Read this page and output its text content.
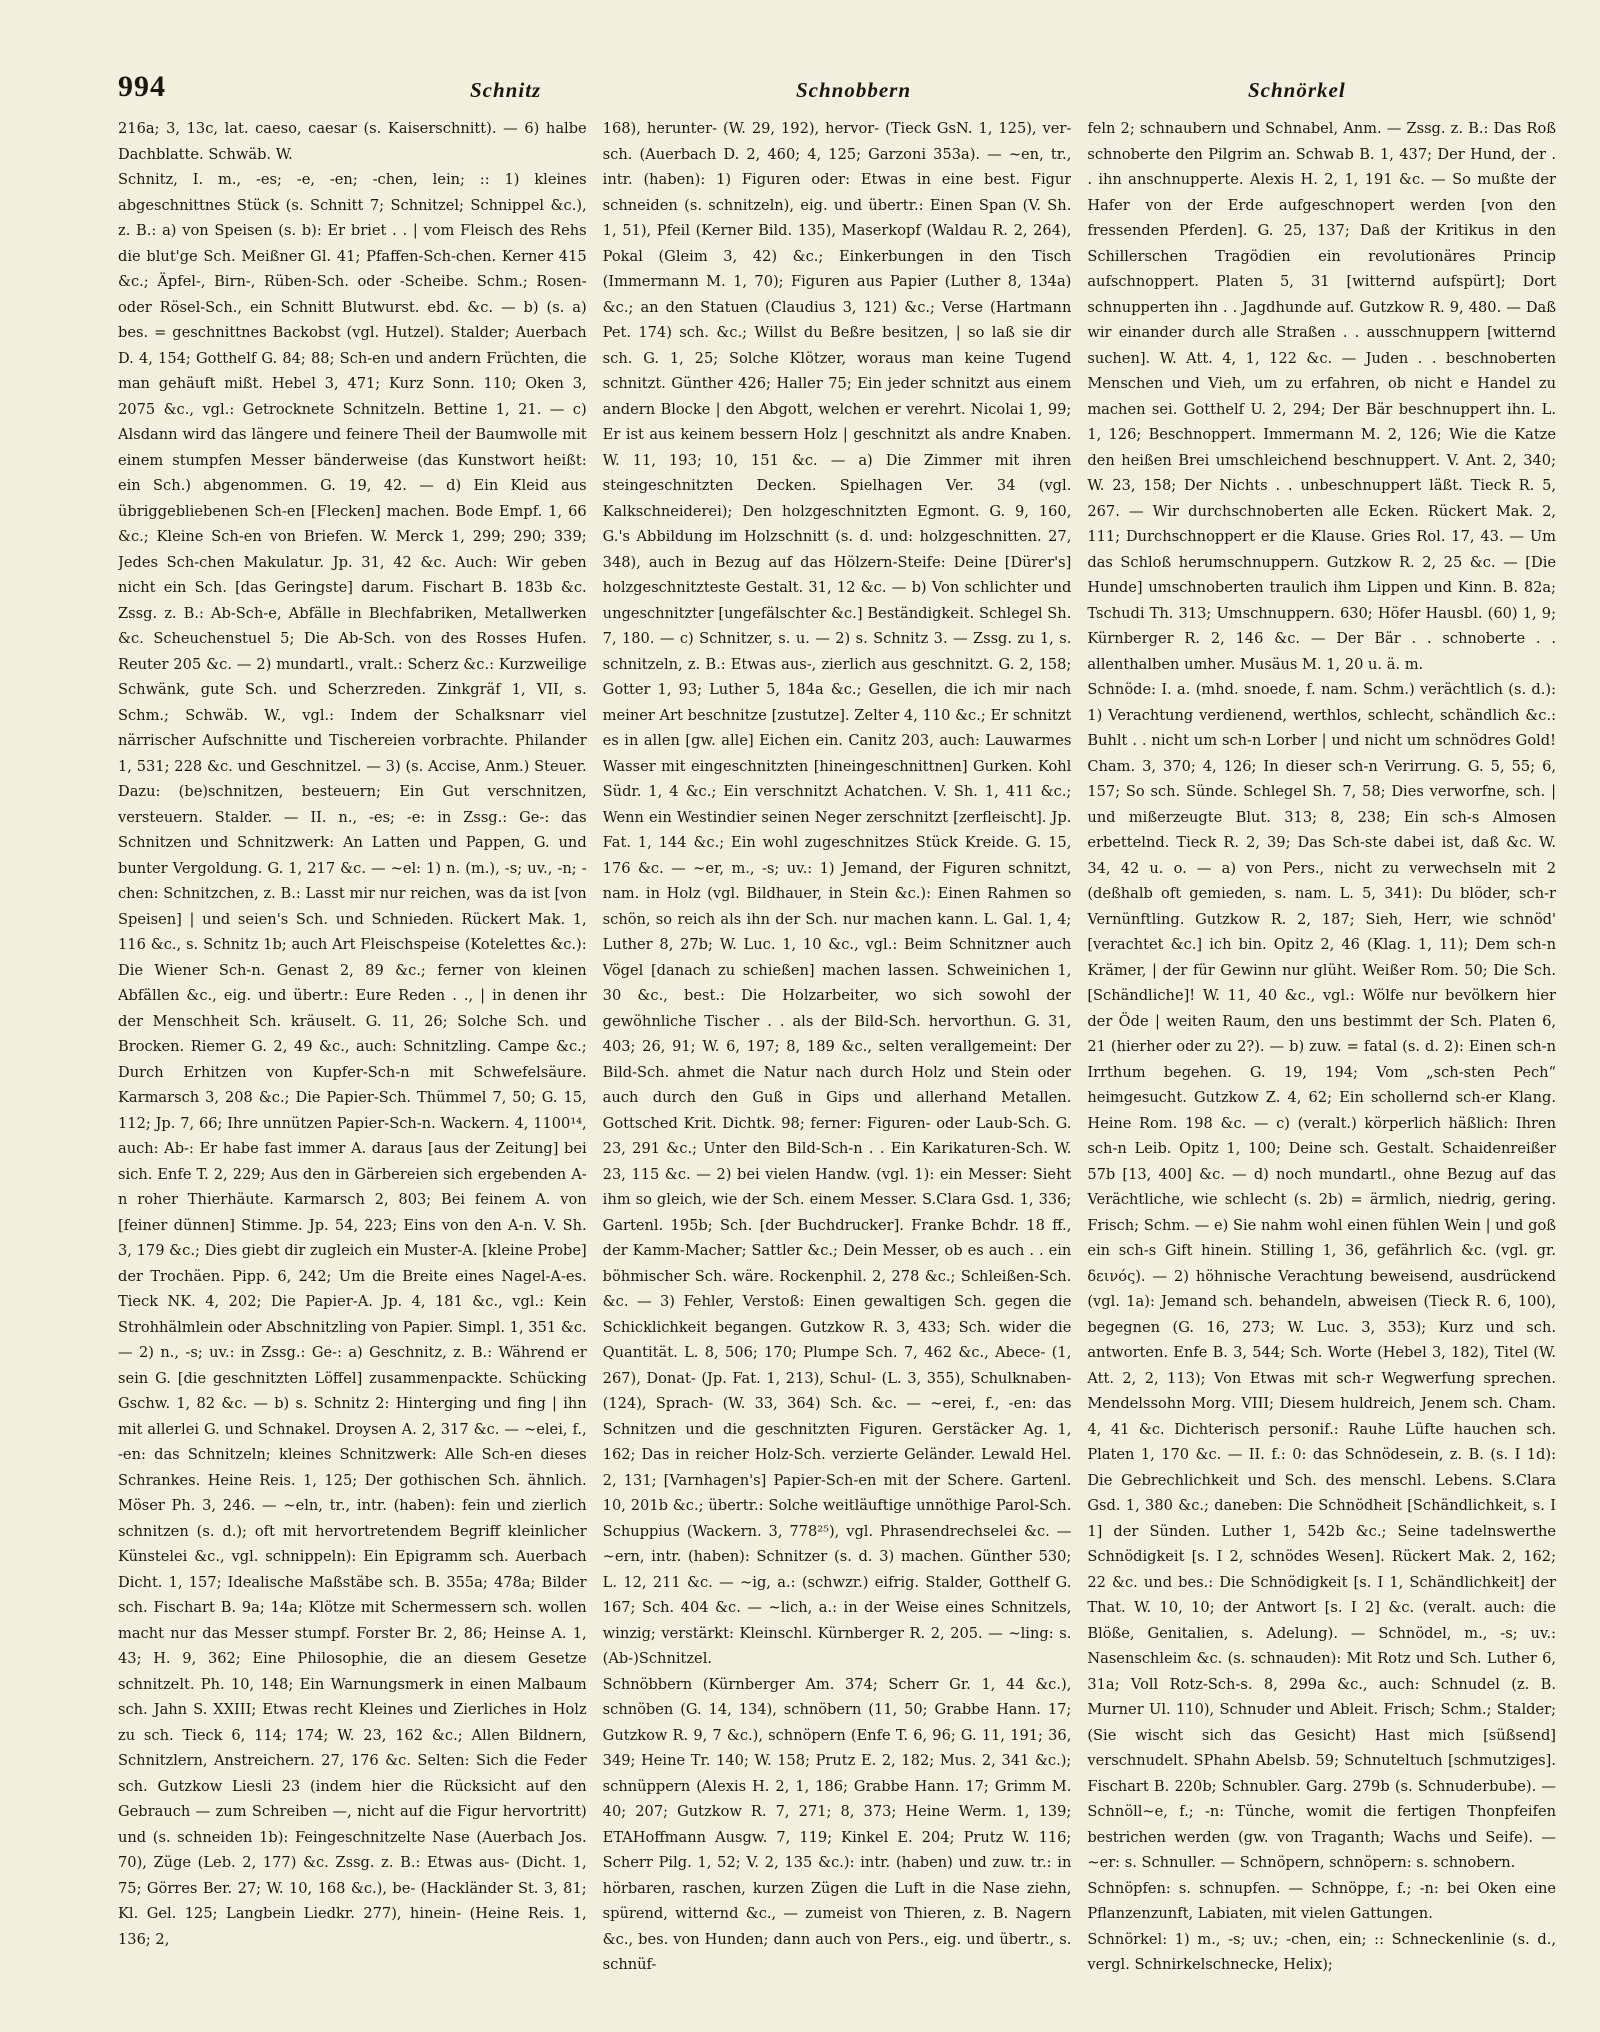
994	Schnitz	Schnobbern	Schnörkel

216a; 3, 13c, lat. caeso, caesar (s. Kaiserschnitt). — 6) halbe Dachblatte. Schwäb. W.

Schnitz, I. m., -es; -e, -en; -chen, lein; :: 1) kleines abgeschnittnes Stück (s. Schnitt 7; Schnitzel; Schnippel &c.), z. B.: a) von Speisen (s. b): Er briet . . | vom Fleisch des Rehs die blut'ge Sch. Meißner Gl. 41; Pfaffen-Sch-chen. Kerner 415 &c.; Äpfel-, Birn-, Rüben-Sch. oder -Scheibe. Schm.; Rosen- oder Rösel-Sch., ein Schnitt Blutwurst. ebd. &c. — b) (s. a) bes. = geschnittnes Backobst (vgl. Hutzel). Stalder; Auerbach D. 4, 154; Gotthelf G. 84; 88; Sch-en und andern Früchten, die man gehäuft mißt. Hebel 3, 471; Kurz Sonn. 110; Oken 3, 2075 &c., vgl.: Getrocknete Schnitzeln. Bettine 1, 21. — c) Alsdann wird das längere und feinere Theil der Baumwolle mit einem stumpfen Messer bänderweise (das Kunstwort heißt: ein Sch.) abgenommen. G. 19, 42. — d) Ein Kleid aus übriggebliebenen Sch-en [Flecken] machen. Bode Empf. 1, 66 &c.; Kleine Sch-en von Briefen. W. Merck 1, 299; 290; 339; Jedes Sch-chen Makulatur. Jp. 31, 42 &c. Auch: Wir geben nicht ein Sch. [das Geringste] darum. Fischart B. 183b &c. Zssg. z. B.: Ab-Sch-e, Abfälle in Blechfabriken, Metallwerken &c. Scheuchenstuel 5; Die Ab-Sch. von des Rosses Hufen. Reuter 205 &c. — 2) mundartl., vralt.: Scherz &c.: Kurzweilige Schwänk, gute Sch. und Scherzreden. Zinkgräf 1, VII, s. Schm.; Schwäb. W., vgl.: Indem der Schalksnarr viel närrischer Aufschnitte und Tischereien vorbrachte. Philander 1, 531; 228 &c. und Geschnitzel. — 3) (s. Accise, Anm.) Steuer. Dazu: (be)schnitzen, besteuern; Ein Gut verschnitzen, versteuern. Stalder. — II. n., -es; -e: in Zssg.: Ge-: das Schnitzen und Schnitzwerk: An Latten und Pappen, G. und bunter Vergoldung. G. 1, 217 &c. — ~el: 1) n. (m.), -s; uv., -n; -chen: Schnitzchen, z. B.: Lasst mir nur reichen, was da ist [von Speisen] | und seien's Sch. und Schnieden. Rückert Mak. 1, 116 &c., s. Schnitz 1b; auch Art Fleischspeise (Kotelettes &c.): Die Wiener Sch-n. Genast 2, 89 &c.; ferner von kleinen Abfällen &c., eig. und übertr.: Eure Reden . ., | in denen ihr der Menschheit Sch. kräuselt. G. 11, 26; Solche Sch. und Brocken. Riemer G. 2, 49 &c., auch: Schnitzling. Campe &c.; Durch Erhitzen von Kupfer-Sch-n mit Schwefelsäure. Karmarsch 3, 208 &c.; Die Papier-Sch. Thümmel 7, 50; G. 15, 112; Jp. 7, 66; Ihre unnützen Papier-Sch-n. Wackern. 4, 1100¹⁴, auch: Ab-: Er habe fast immer A. daraus [aus der Zeitung] bei sich. Enfe T. 2, 229; Aus den in Gärbereien sich ergebenden A-n roher Thierhäute. Karmarsch 2, 803; Bei feinem A. von [feiner dünnen] Stimme. Jp. 54, 223; Eins von den A-n. V. Sh. 3, 179 &c.; Dies giebt dir zugleich ein Muster-A. [kleine Probe] der Trochäen. Pipp. 6, 242; Um die Breite eines Nagel-A-es. Tieck NK. 4, 202; Die Papier-A. Jp. 4, 181 &c., vgl.: Kein Strohhälmlein oder Abschnitzling von Papier. Simpl. 1, 351 &c. — 2) n., -s; uv.: in Zssg.: Ge-: a) Geschnitz, z. B.: Während er sein G. [die geschnitzten Löffel] zusammenpackte. Schücking Gschw. 1, 82 &c. — b) s. Schnitz 2: Hinterging und fing | ihn mit allerlei G. und Schnakel. Droysen A. 2, 317 &c. — ~elei, f., -en: das Schnitzeln; kleines Schnitzwerk: Alle Sch-en dieses Schrankes. Heine Reis. 1, 125; Der gothischen Sch. ähnlich. Möser Ph. 3, 246. — ~eln, tr., intr. (haben): fein und zierlich schnitzen (s. d.); oft mit hervortretendem Begriff kleinlicher Künstelei &c., vgl. schnippeln): Ein Epigramm sch. Auerbach Dicht. 1, 157; Idealische Maßstäbe sch. B. 355a; 478a; Bilder sch. Fischart B. 9a; 14a; Klötze mit Schermessern sch. wollen macht nur das Messer stumpf. Forster Br. 2, 86; Heinse A. 1, 43; H. 9, 362; Eine Philosophie, die an diesem Gesetze schnitzelt. Ph. 10, 148; Ein Warnungsmerk in einen Malbaum sch. Jahn S. XXIII; Etwas recht Kleines und Zierliches in Holz zu sch. Tieck 6, 114; 174; W. 23, 162 &c.; Allen Bildnern, Schnitzlern, Anstreichern. 27, 176 &c. Selten: Sich die Feder sch. Gutzkow Liesli 23 (indem hier die Rücksicht auf den Gebrauch — zum Schreiben —, nicht auf die Figur hervortritt) und (s. schneiden 1b): Feingeschnitzelte Nase (Auerbach Jos. 70), Züge (Leb. 2, 177) &c. Zssg. z. B.: Etwas aus- (Dicht. 1, 75; Görres Ber. 27; W. 10, 168 &c.), be- (Hackländer St. 3, 81; Kl. Gel. 125; Langbein Liedkr. 277), hinein- (Heine Reis. 1, 136; 2,

168), herunter- (W. 29, 192), hervor- (Tieck GsN. 1, 125), ver-sch. (Auerbach D. 2, 460; 4, 125; Garzoni 353a). — ~en, tr., intr. (haben): 1) Figuren oder: Etwas in eine best. Figur schneiden (s. schnitzeln), eig. und übertr.: Einen Span (V. Sh. 1, 51), Pfeil (Kerner Bild. 135), Maserkopf (Waldau R. 2, 264), Pokal (Gleim 3, 42) &c.; Einkerbungen in den Tisch (Immermann M. 1, 70); Figuren aus Papier (Luther 8, 134a) &c.; an den Statuen (Claudius 3, 121) &c.; Verse (Hartmann Pet. 174) sch. &c.; Willst du Beßre besitzen, | so laß sie dir sch. G. 1, 25; Solche Klötzer, woraus man keine Tugend schnitzt. Günther 426; Haller 75; Ein jeder schnitzt aus einem andern Blocke | den Abgott, welchen er verehrt. Nicolai 1, 99; Er ist aus keinem bessern Holz | geschnitzt als andre Knaben. W. 11, 193; 10, 151 &c. — a) Die Zimmer mit ihren steingeschnitzten Decken. Spielhagen Ver. 34 (vgl. Kalkschneiderei); Den holzgeschnitzten Egmont. G. 9, 160, G.'s Abbildung im Holzschnitt (s. d. und: holzgeschnitten. 27, 348), auch in Bezug auf das Hölzern-Steife: Deine [Dürer's] holzgeschnitzteste Gestalt. 31, 12 &c. — b) Von schlichter und ungeschnitzter [ungefälschter &c.] Beständigkeit. Schlegel Sh. 7, 180. — c) Schnitzer, s. u. — 2) s. Schnitz 3. — Zssg. zu 1, s. schnitzeln, z. B.: Etwas aus-, zierlich aus geschnitzt. G. 2, 158; Gotter 1, 93; Luther 5, 184a &c.; Gesellen, die ich mir nach meiner Art beschnitze [zustutze]. Zelter 4, 110 &c.; Er schnitzt es in allen [gw. alle] Eichen ein. Canitz 203, auch: Lauwarmes Wasser mit eingeschnitzten [hineingeschnittnen] Gurken. Kohl Südr. 1, 4 &c.; Ein verschnitzt Achatchen. V. Sh. 1, 411 &c.; Wenn ein Westindier seinen Neger zerschnitzt [zerfleischt]. Jp. Fat. 1, 144 &c.; Ein wohl zugeschnitzes Stück Kreide. G. 15, 176 &c. — ~er, m., -s; uv.: 1) Jemand, der Figuren schnitzt, nam. in Holz (vgl. Bildhauer, in Stein &c.): Einen Rahmen so schön, so reich als ihn der Sch. nur machen kann. L. Gal. 1, 4; Luther 8, 27b; W. Luc. 1, 10 &c., vgl.: Beim Schnitzner auch Vögel [danach zu schießen] machen lassen. Schweinichen 1, 30 &c., best.: Die Holzarbeiter, wo sich sowohl der gewöhnliche Tischer . . als der Bild-Sch. hervorthun. G. 31, 403; 26, 91; W. 6, 197; 8, 189 &c., selten verallgemeint: Der Bild-Sch. ahmet die Natur nach durch Holz und Stein oder auch durch den Guß in Gips und allerhand Metallen. Gottsched Krit. Dichtk. 98; ferner: Figuren- oder Laub-Sch. G. 23, 291 &c.; Unter den Bild-Sch-n . . Ein Karikaturen-Sch. W. 23, 115 &c. — 2) bei vielen Handw. (vgl. 1): ein Messer: Sieht ihm so gleich, wie der Sch. einem Messer. S.Clara Gsd. 1, 336; Gartenl. 195b; Sch. [der Buchdrucker]. Franke Bchdr. 18 ff., der Kamm-Macher; Sattler &c.; Dein Messer, ob es auch . . ein böhmischer Sch. wäre. Rockenphil. 2, 278 &c.; Schleißen-Sch. &c. — 3) Fehler, Verstoß: Einen gewaltigen Sch. gegen die Schicklichkeit begangen. Gutzkow R. 3, 433; Sch. wider die Quantität. L. 8, 506; 170; Plumpe Sch. 7, 462 &c., Abece- (1, 267), Donat- (Jp. Fat. 1, 213), Schul- (L. 3, 355), Schulknaben- (124), Sprach- (W. 33, 364) Sch. &c. — ~erei, f., -en: das Schnitzen und die geschnitzten Figuren. Gerstäcker Ag. 1, 162; Das in reicher Holz-Sch. verzierte Geländer. Lewald Hel. 2, 131; [Varnhagen's] Papier-Sch-en mit der Schere. Gartenl. 10, 201b &c.; übertr.: Solche weitläuftige unnöthige Parol-Sch. Schuppius (Wackern. 3, 778²⁵), vgl. Phrasendrechselei &c. — ~ern, intr. (haben): Schnitzer (s. d. 3) machen. Günther 530; L. 12, 211 &c. — ~ig, a.: (schwzr.) eifrig. Stalder, Gotthelf G. 167; Sch. 404 &c. — ~lich, a.: in der Weise eines Schnitzels, winzig; verstärkt: Kleinschl. Kürnberger R. 2, 205. — ~ling: s. (Ab-)Schnitzel.

Schnöbbern (Kürnberger Am. 374; Scherr Gr. 1, 44 &c.), schnöben (G. 14, 134), schnöbern (11, 50; Grabbe Hann. 17; Gutzkow R. 9, 7 &c.), schnöpern (Enfe T. 6, 96; G. 11, 191; 36, 349; Heine Tr. 140; W. 158; Prutz E. 2, 182; Mus. 2, 341 &c.); schnüppern (Alexis H. 2, 1, 186; Grabbe Hann. 17; Grimm M. 40; 207; Gutzkow R. 7, 271; 8, 373; Heine Werm. 1, 139; ETAHoffmann Ausgw. 7, 119; Kinkel E. 204; Prutz W. 116; Scherr Pilg. 1, 52; V. 2, 135 &c.): intr. (haben) und zuw. tr.: in hörbaren, raschen, kurzen Zügen die Luft in die Nase ziehn, spürend, witternd &c., — zumeist von Thieren, z. B. Nagern &c., bes. von Hunden; dann auch von Pers., eig. und übertr., s. schnüf-

feln 2; schnaubern und Schnabel, Anm. — Zssg. z. B.: Das Roß schnoberte den Pilgrim an. Schwab B. 1, 437; Der Hund, der . . ihn anschnupperte. Alexis H. 2, 1, 191 &c. — So mußte der Hafer von der Erde aufgeschnopert werden [von den fressenden Pferden]. G. 25, 137; Daß der Kritikus in den Schillerschen Tragödien ein revolutionäres Princip aufschnoppert. Platen 5, 31 [witternd aufspürt]; Dort schnupperten ihn . . Jagdhunde auf. Gutzkow R. 9, 480. — Daß wir einander durch alle Straßen . . ausschnuppern [witternd suchen]. W. Att. 4, 1, 122 &c. — Juden . . beschnoberten Menschen und Vieh, um zu erfahren, ob nicht e Handel zu machen sei. Gotthelf U. 2, 294; Der Bär beschnuppert ihn. L. 1, 126; Beschnoppert. Immermann M. 2, 126; Wie die Katze den heißen Brei umschleichend beschnuppert. V. Ant. 2, 340; W. 23, 158; Der Nichts . . unbeschnuppert läßt. Tieck R. 5, 267. — Wir durchschnoberten alle Ecken. Rückert Mak. 2, 111; Durchschnoppert er die Klause. Gries Rol. 17, 43. — Um das Schloß herumschnuppern. Gutzkow R. 2, 25 &c. — [Die Hunde] umschnoberten traulich ihm Lippen und Kinn. B. 82a; Tschudi Th. 313; Umschnuppern. 630; Höfer Hausbl. (60) 1, 9; Kürnberger R. 2, 146 &c. — Der Bär . . schnoberte . . allenthalben umher. Musäus M. 1, 20 u. ä. m.

Schnöde: I. a. (mhd. snoede, f. nam. Schm.) verächtlich (s. d.): 1) Verachtung verdienend, werthlos, schlecht, schändlich &c.: Buhlt . . nicht um sch-n Lorber | und nicht um schnödres Gold! Cham. 3, 370; 4, 126; In dieser sch-n Verirrung. G. 5, 55; 6, 157; So sch. Sünde. Schlegel Sh. 7, 58; Dies verworfne, sch. | und mißerzeugte Blut. 313; 8, 238; Ein sch-s Almosen erbettelnd. Tieck R. 2, 39; Das Sch-ste dabei ist, daß &c. W. 34, 42 u. o. — a) von Pers., nicht zu verwechseln mit 2 (deßhalb oft gemieden, s. nam. L. 5, 341): Du blöder, sch-r Vernünftling. Gutzkow R. 2, 187; Sieh, Herr, wie schnöd' [verachtet &c.] ich bin. Opitz 2, 46 (Klag. 1, 11); Dem sch-n Krämer, | der für Gewinn nur glüht. Weißer Rom. 50; Die Sch. [Schändliche]! W. 11, 40 &c., vgl.: Wölfe nur bevölkern hier der Öde | weiten Raum, den uns bestimmt der Sch. Platen 6, 21 (hierher oder zu 2?). — b) zuw. = fatal (s. d. 2): Einen sch-n Irrthum begehen. G. 19, 194; Vom „sch-sten Pech“ heimgesucht. Gutzkow Z. 4, 62; Ein schollernd sch-er Klang. Heine Rom. 198 &c. — c) (veralt.) körperlich häßlich: Ihren sch-n Leib. Opitz 1, 100; Deine sch. Gestalt. Schaidenreißer 57b [13, 400] &c. — d) noch mundartl., ohne Bezug auf das Verächtliche, wie schlecht (s. 2b) = ärmlich, niedrig, gering. Frisch; Schm. — e) Sie nahm wohl einen fühlen Wein | und goß ein sch-s Gift hinein. Stilling 1, 36, gefährlich &c. (vgl. gr. δεινός). — 2) höhnische Verachtung beweisend, ausdrückend (vgl. 1a): Jemand sch. behandeln, abweisen (Tieck R. 6, 100), begegnen (G. 16, 273; W. Luc. 3, 353); Kurz und sch. antworten. Enfe B. 3, 544; Sch. Worte (Hebel 3, 182), Titel (W. Att. 2, 2, 113); Von Etwas mit sch-r Wegwerfung sprechen. Mendelssohn Morg. VIII; Diesem huldreich, Jenem sch. Cham. 4, 41 &c. Dichterisch personif.: Rauhe Lüfte hauchen sch. Platen 1, 170 &c. — II. f.: 0: das Schnödesein, z. B. (s. I 1d): Die Gebrechlichkeit und Sch. des menschl. Lebens. S.Clara Gsd. 1, 380 &c.; daneben: Die Schnödheit [Schändlichkeit, s. I 1] der Sünden. Luther 1, 542b &c.; Seine tadelnswerthe Schnödigkeit [s. I 2, schnödes Wesen]. Rückert Mak. 2, 162; 22 &c. und bes.: Die Schnödigkeit [s. I 1, Schändlichkeit] der That. W. 10, 10; der Antwort [s. I 2] &c. (veralt. auch: die Blöße, Genitalien, s. Adelung). — Schnödel, m., -s; uv.: Nasenschleim &c. (s. schnauden): Mit Rotz und Sch. Luther 6, 31a; Voll Rotz-Sch-s. 8, 299a &c., auch: Schnudel (z. B. Murner Ul. 110), Schnuder und Ableit. Frisch; Schm.; Stalder; (Sie wischt sich das Gesicht) Hast mich [süßsend] verschnudelt. SPhahn Abelsb. 59; Schnuteltuch [schmutziges]. Fischart B. 220b; Schnubler. Garg. 279b (s. Schnuderbube). — Schnöll~e, f.; -n: Tünche, womit die fertigen Thonpfeifen bestrichen werden (gw. von Traganth; Wachs und Seife). — ~er: s. Schnuller. — Schnöpern, schnöpern: s. schnobern.

Schnöpfen: s. schnupfen. — Schnöppe, f.; -n: bei Oken eine Pflanzenzunft, Labiaten, mit vielen Gattungen.

Schnörkel: 1) m., -s; uv.; -chen, ein; :: Schneckenlinie (s. d., vergl. Schnirkelschnecke, Helix);
